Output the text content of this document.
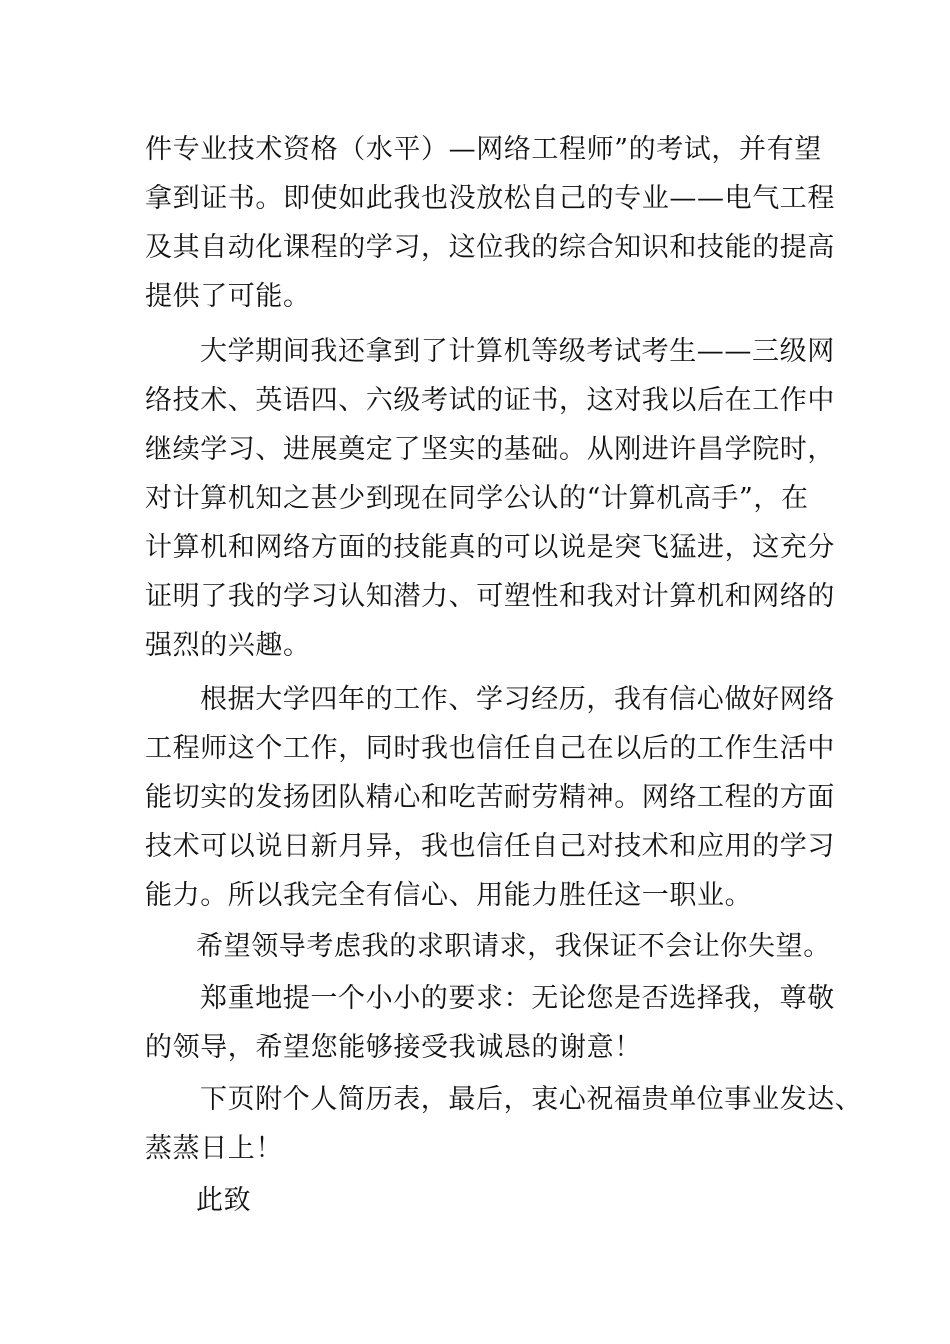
件专业技术资格（水平）—网络工程师”的考试，并有望
拿到证书。即使如此我也没放松自己的专业——电气工程
及其自动化课程的学习，这位我的综合知识和技能的提高
提供了可能。
大学期间我还拿到了计算机等级考试考生——三级网
络技术、英语四、六级考试的证书，这对我以后在工作中
继续学习、进展奠定了坚实的基础。从刚进许昌学院时，
对计算机知之甚少到现在同学公认的“计算机高手”，在
计算机和网络方面的技能真的可以说是突飞猛进，这充分
证明了我的学习认知潜力、可塑性和我对计算机和网络的
强烈的兴趣。
根据大学四年的工作、学习经历，我有信心做好网络
工程师这个工作，同时我也信任自己在以后的工作生活中
能切实的发扬团队精心和吃苦耐劳精神。网络工程的方面
技术可以说日新月异，我也信任自己对技术和应用的学习
能力。所以我完全有信心、用能力胜任这一职业。
希望领导考虑我的求职请求，我保证不会让你失望。
郑重地提一个小小的要求：无论您是否选择我，尊敬
的领导，希望您能够接受我诚恳的谢意！
下页附个人简历表，最后，衷心祝福贵单位事业发达、
蒸蒸日上！
此致
